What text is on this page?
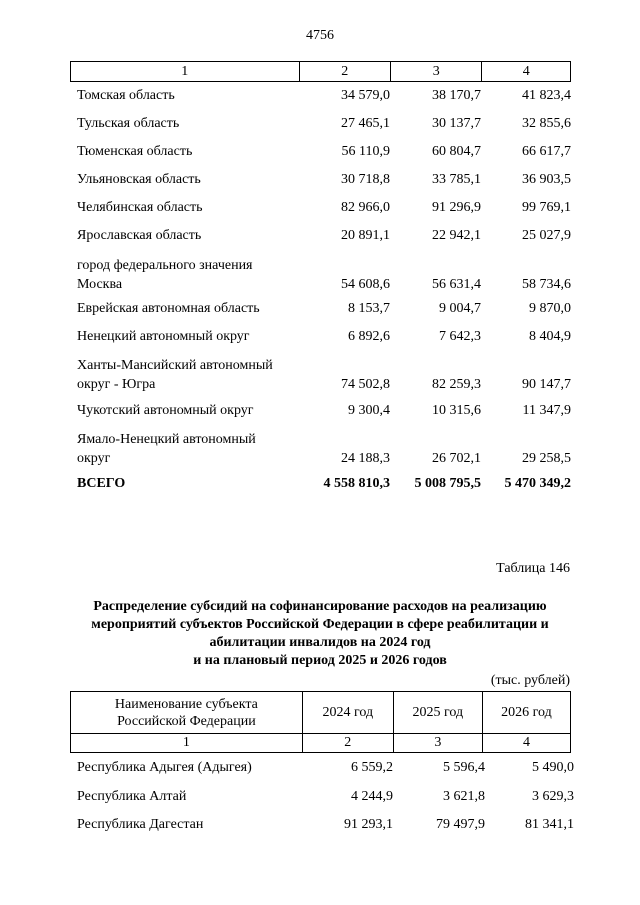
4756
1	2	3	4
Томская область	34 579,0	38 170,7	41 823,4
Тульская область	27 465,1	30 137,7	32 855,6
Тюменская область	56 110,9	60 804,7	66 617,7
Ульяновская область	30 718,8	33 785,1	36 903,5
Челябинская область	82 966,0	91 296,9	99 769,1
Ярославская область	20 891,1	22 942,1	25 027,9
город федерального значения
Москва	54 608,6	56 631,4	58 734,6
Еврейская автономная область	8 153,7	9 004,7	9 870,0
Ненецкий автономный округ	6 892,6	7 642,3	8 404,9
Ханты-Мансийский автономный
округ - Югра	74 502,8	82 259,3	90 147,7
Чукотский автономный округ	9 300,4	10 315,6	11 347,9
Ямало-Ненецкий автономный
округ	24 188,3	26 702,1	29 258,5
ВСЕГО	4 558 810,3	5 008 795,5	5 470 349,2
Таблица 146
Распределение субсидий на софинансирование расходов на реализацию
мероприятий субъектов Российской Федерации в сфере реабилитации и
абилитации инвалидов на 2024 год
и на плановый период 2025 и 2026 годов
(тыс. рублей)
Наименование субъекта
Российской Федерации	2024 год	2025 год	2026 год
1	2	3	4
Республика Адыгея (Адыгея)	6 559,2	5 596,4	5 490,0
Республика Алтай	4 244,9	3 621,8	3 629,3
Республика Дагестан	91 293,1	79 497,9	81 341,1
